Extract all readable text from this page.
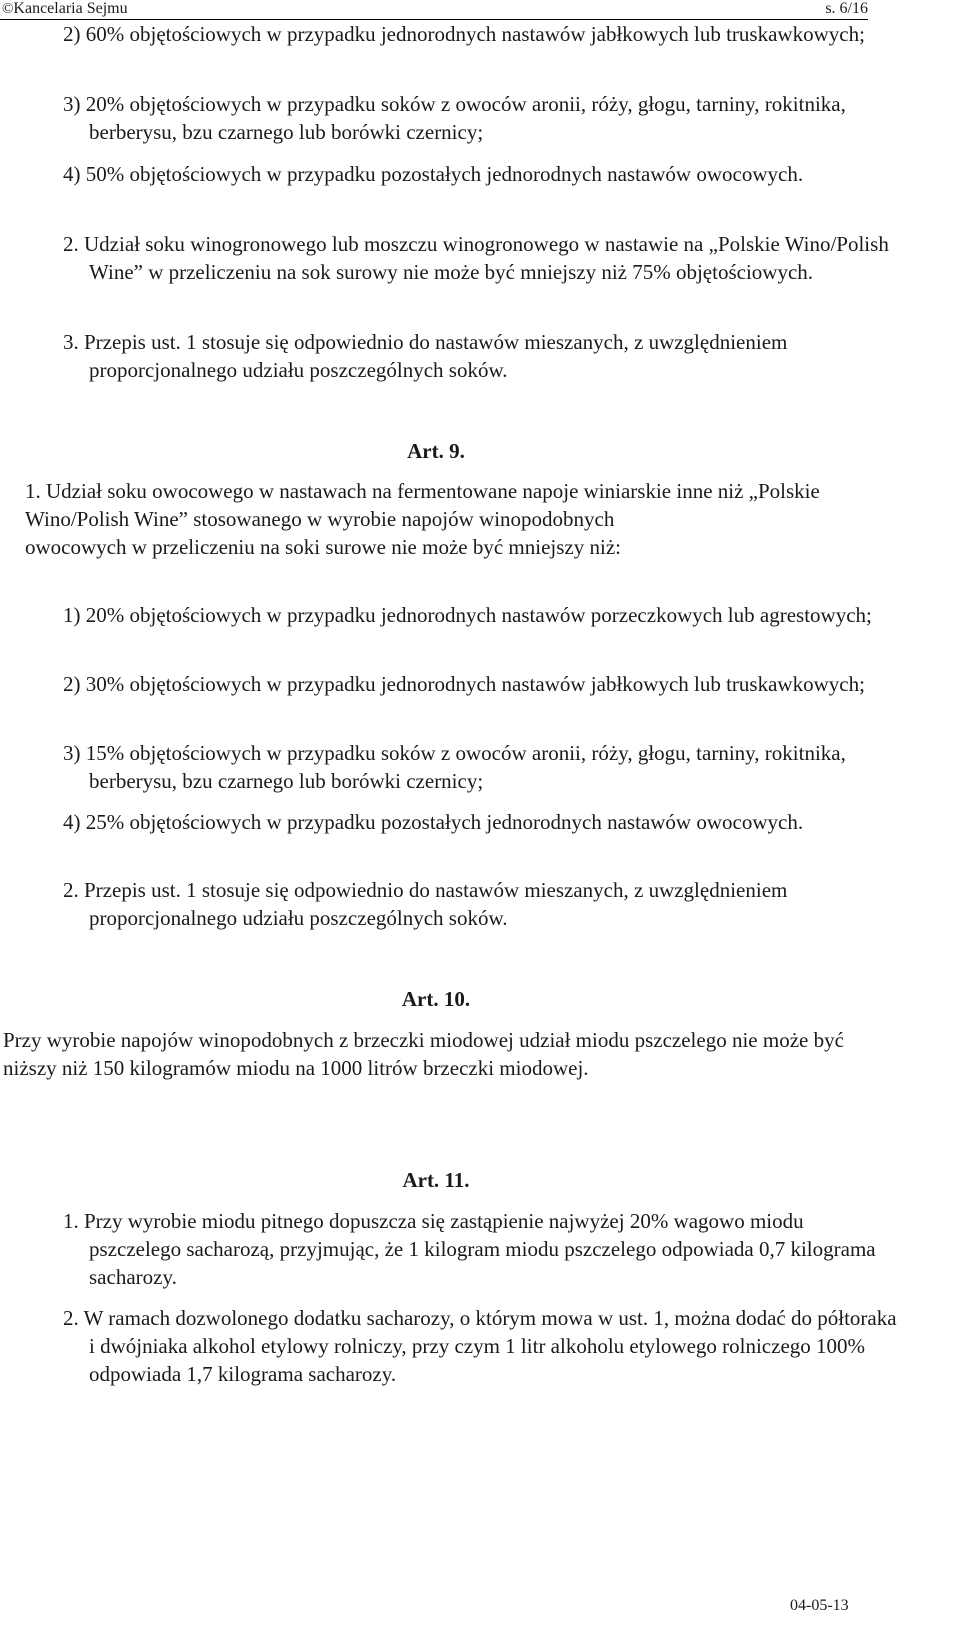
©Kancelaria Sejmu	s. 6/16

2) 60% objętościowych w przypadku jednorodnych nastawów jabłkowych lub truskawkowych;

3) 20% objętościowych w przypadku soków z owoców aronii, róży, głogu, tarniny, rokitnika, berberysu, bzu czarnego lub borówki czernicy;

4) 50% objętościowych w przypadku pozostałych jednorodnych nastawów owocowych.

2. Udział soku winogronowego lub moszczu winogronowego w nastawie na „Polskie Wino/Polish Wine” w przeliczeniu na sok surowy nie może być mniejszy niż 75% objętościowych.

3. Przepis ust. 1 stosuje się odpowiednio do nastawów mieszanych, z uwzględnieniem proporcjonalnego udziału poszczególnych soków.

Art. 9.

1. Udział soku owocowego w nastawach na fermentowane napoje winiarskie inne niż „Polskie Wino/Polish Wine” stosowanego w wyrobie napojów winopodobnych
owocowych w przeliczeniu na soki surowe nie może być mniejszy niż:

1) 20% objętościowych w przypadku jednorodnych nastawów porzeczkowych lub agrestowych;

2) 30% objętościowych w przypadku jednorodnych nastawów jabłkowych lub truskawkowych;

3) 15% objętościowych w przypadku soków z owoców aronii, róży, głogu, tarniny, rokitnika, berberysu, bzu czarnego lub borówki czernicy;

4) 25% objętościowych w przypadku pozostałych jednorodnych nastawów owocowych.

2. Przepis ust. 1 stosuje się odpowiednio do nastawów mieszanych, z uwzględnieniem proporcjonalnego udziału poszczególnych soków.

Art. 10.

Przy wyrobie napojów winopodobnych z brzeczki miodowej udział miodu pszczelego nie może być niższy niż 150 kilogramów miodu na 1000 litrów brzeczki miodowej.

Art. 11.

1. Przy wyrobie miodu pitnego dopuszcza się zastąpienie najwyżej 20% wagowo miodu pszczelego sacharozą, przyjmując, że 1 kilogram miodu pszczelego odpowiada 0,7 kilograma sacharozy.

2. W ramach dozwolonego dodatku sacharozy, o którym mowa w ust. 1, można dodać do półtoraka i dwójniaka alkohol etylowy rolniczy, przy czym 1 litr alkoholu etylowego rolniczego 100% odpowiada 1,7 kilograma sacharozy.

04-05-13
